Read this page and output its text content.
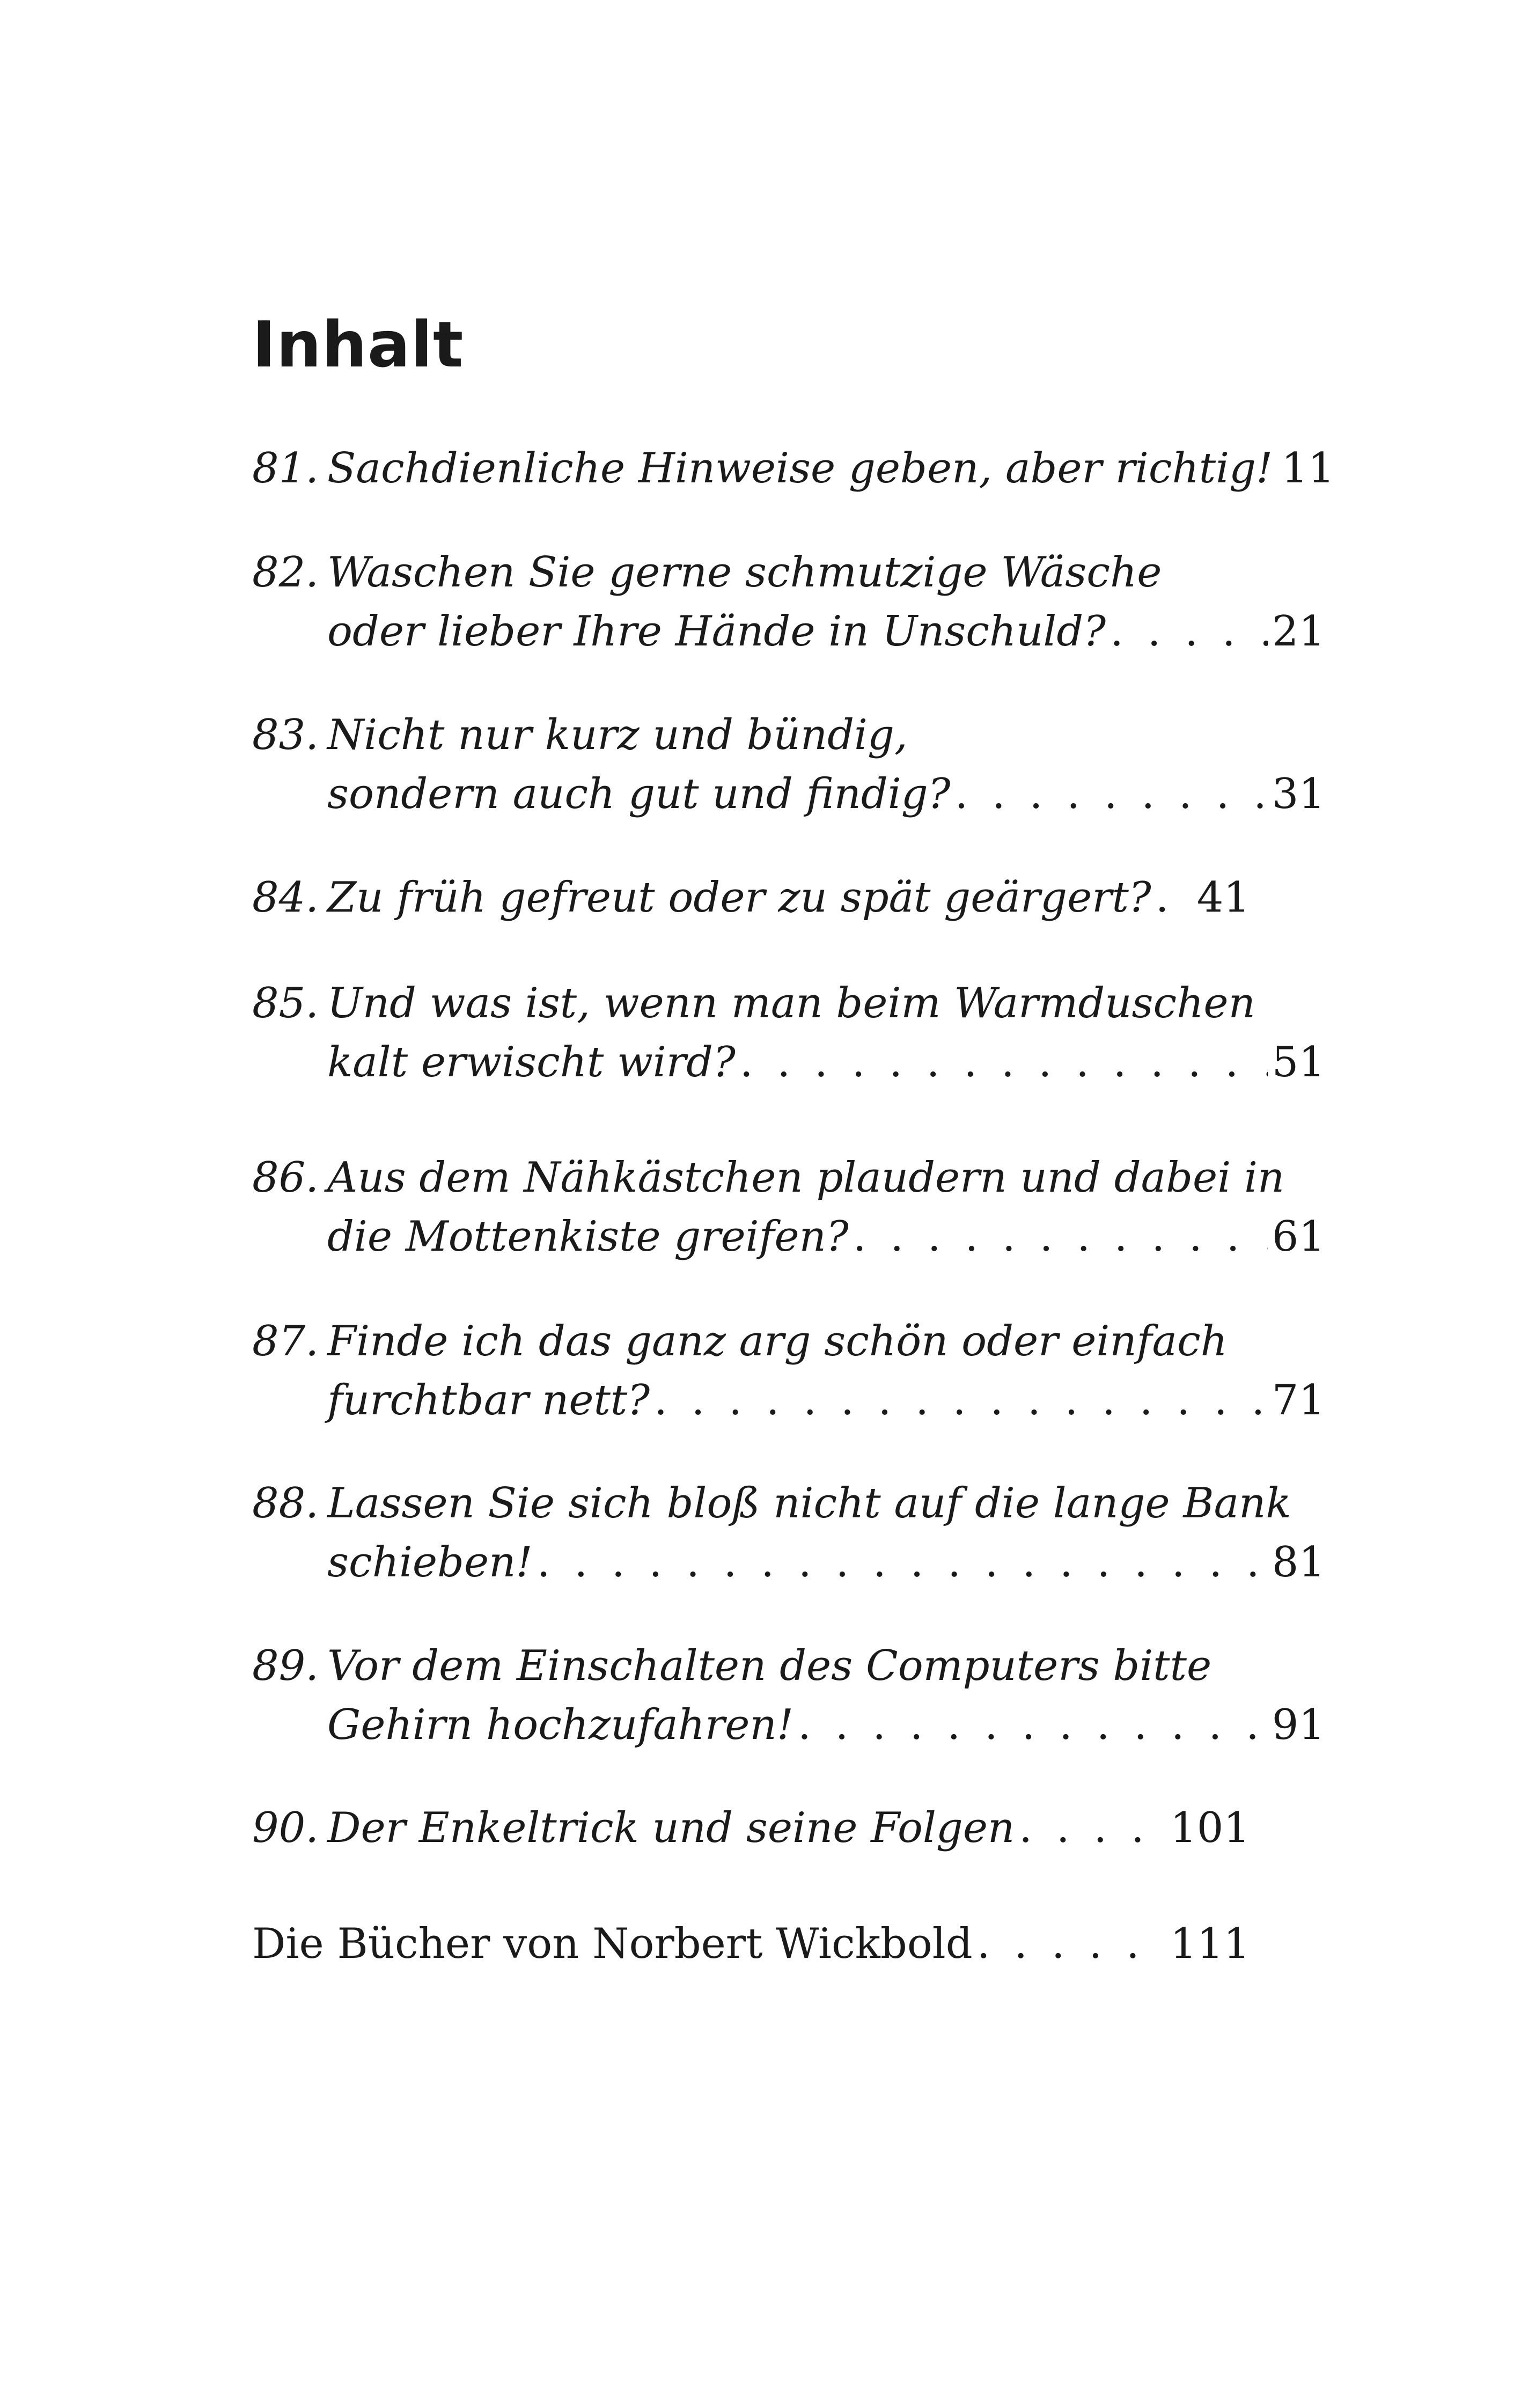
Inhalt
81. Sachdienliche Hinweise geben, aber richtig! 11
82. Waschen Sie gerne schmutzige Wäsche
oder lieber Ihre Hände in Unschuld? . . .	21
83. Nicht nur kurz und bündig,
sondern auch gut und findig? . . .	31
84. Zu früh gefreut oder zu spät geärgert? . . . 41
85. Und was ist, wenn man beim Warmduschen
kalt erwischt wird? . . .	51
86. Aus dem Nähkästchen plaudern und dabei in
die Mottenkiste greifen? . . .	61
87. Finde ich das ganz arg schön oder einfach
furchtbar nett? . . .	71
88. Lassen Sie sich bloß nicht auf die lange Bank
schieben! . . .	81
89. Vor dem Einschalten des Computers bitte
Gehirn hochzufahren! . . .	91
90. Der Enkeltrick und seine Folgen . . .	101
Die Bücher von Norbert Wickbold . . .	111
